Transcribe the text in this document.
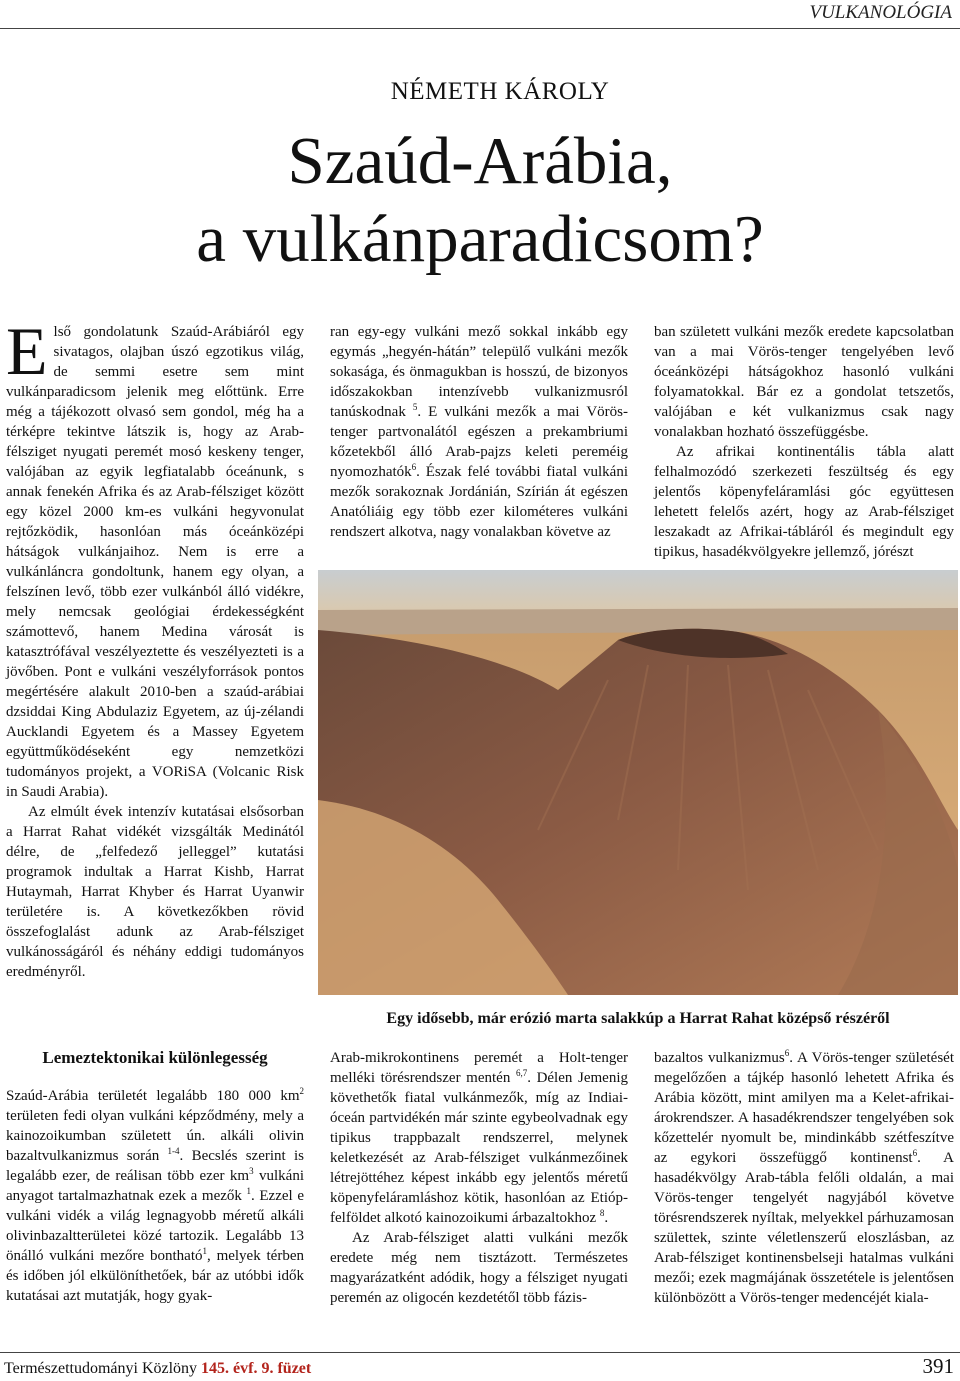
VULKANOLÓGIA
NÉMETH KÁROLY
Szaúd-Arábia,
a vulkánparadicsom?

Első gondolatunk Szaúd-Arábiáról egy sivatagos, olajban úszó egzotikus világ, de semmi esetre sem mint vulkánparadicsom jelenik meg előttünk. Erre még a tájékozott olvasó sem gondol, még ha a térképre tekintve látszik is, hogy az Arab-félsziget nyugati peremét mosó keskeny tenger, valójában az egyik legfiatalabb óceánunk, s annak fenekén Afrika és az Arab-félsziget között egy közel 2000 km-es vulkáni hegyvonulat rejtőzködik, hasonlóan más óceánközépi hátságok vulkánjaihoz. Nem is erre a vulkánláncra gondoltunk, hanem egy olyan, a felszínen levő, több ezer vulkánból álló vidékre, mely nemcsak geológiai érdekességként számottevő, hanem Medina városát is katasztrófával veszélyeztette és veszélyezteti is a jövőben. Pont e vulkáni veszélyforrások pontos megértésére alakult 2010-ben a szaúd-arábiai dzsiddai King Abdulaziz Egyetem, az új-zélandi Aucklandi Egyetem és a Massey Egyetem együttműködéseként egy nemzetközi tudományos projekt, a VORiSA (Volcanic Risk in Saudi Arabia).

Az elmúlt évek intenzív kutatásai elsősorban a Harrat Rahat vidékét vizsgálták Medinától délre, de „felfedező jelleggel” kutatási programok indultak a Harrat Kishb, Harrat Hutaymah, Harrat Khyber és Harrat Uyanwir területére is. A következőkben rövid összefoglalást adunk az Arab-félsziget vulkánosságáról és néhány eddigi tudományos eredményről.

ran egy-egy vulkáni mező sokkal inkább egy egymás „hegyén-hátán” települő vulkáni mezők sokasága, és önmagukban is hosszú, de bizonyos időszakokban intenzívebb vulkanizmusról tanúskodnak $^5$. E vulkáni mezők a mai Vörös-tenger partvonalától egészen a prekambriumi kőzetekből álló Arab-pajzs keleti pereméig nyomozhatók$^6$. Észak felé további fiatal vulkáni mezők sorakoznak Jordánián, Szírián át egészen Anatóliáig egy több ezer kilométeres vulkáni rendszert alkotva, nagy vonalakban követve az

ban született vulkáni mezők eredete kapcsolatban van a mai Vörös-tenger tengelyében levő óceánközépi hátságokhoz hasonló vulkáni folyamatokkal. Bár ez a gondolat tetszetős, valójában e két vulkanizmus csak nagy vonalakban hozható összefüggésbe.

Az afrikai kontinentális tábla alatt felhalmozódó szerkezeti feszültség és egy jelentős köpenyfeláramlási góc együttesen lehetett felelős azért, hogy az Arab-félsziget leszakadt az Afrikai-tábláról és megindult egy tipikus, hasadékvölgyekre jellemző, jórészt

Egy idősebb, már erózió marta salakkúp a Harrat Rahat középső részéről
Lemeztektonikai különlegesség

Szaúd-Arábia területét legalább 180 000 $km^2$ területen fedi olyan vulkáni képződmény, mely a kainozoikumban született ún. alkáli olivin bazaltvulkanizmus során $^{1-4}$. Becslés szerint is legalább ezer, de reálisan több ezer $km^3$ vulkáni anyagot tartalmazhatnak ezek a mezők $^1$. Ezzel e vulkáni vidék a világ legnagyobb méretű alkáli olivinbazaltterületei közé tartozik. Legalább 13 önálló vulkáni mezőre bontható$^1$, melyek térben és időben jól elkülöníthetőek, bár az utóbbi idők kutatásai azt mutatják, hogy gyak-

Arab-mikrokontinens peremét a Holt-tenger melléki törésrendszer mentén $^{6,7}$. Délen Jemenig követhetők fiatal vulkánmezők, míg az Indiai-óceán partvidékén már szinte egybeolvadnak egy tipikus trappbazalt rendszerrel, melynek keletkezését az Arab-félsziget vulkánmezőinek létrejöttéhez képest inkább egy jelentős méretű köpenyfeláramláshoz kötik, hasonlóan az Etióp-felföldet alkotó kainozoikumi árbazaltokhoz $^8$.

Az Arab-félsziget alatti vulkáni mezők eredete még nem tisztázott. Természetes magyarázatként adódik, hogy a félsziget nyugati peremén az oligocén kezdetétől több fázis-

bazaltos vulkanizmus$^6$. A Vörös-tenger születését megelőzően a tájkép hasonló lehetett Afrika és Arábia között, mint amilyen ma a Kelet-afrikai-árokrendszer. A hasadékrendszer tengelyében sok kőzettelér nyomult be, mindinkább szétfeszítve az egykori összefüggő kontinenst$^6$. A hasadékvölgy Arab-tábla felőli oldalán, a mai Vörös-tenger tengelyét nagyjából követve törésrendszerek nyíltak, melyekkel párhuzamosan születtek, szinte véletlenszerű eloszlásban, az Arab-félsziget kontinensbelseji hatalmas vulkáni mezői; ezek magmájának összetétele is jelentősen különbözött a Vörös-tenger medencéjét kiala-

Természettudományi Közlöny 145. évf. 9. füzet	391
